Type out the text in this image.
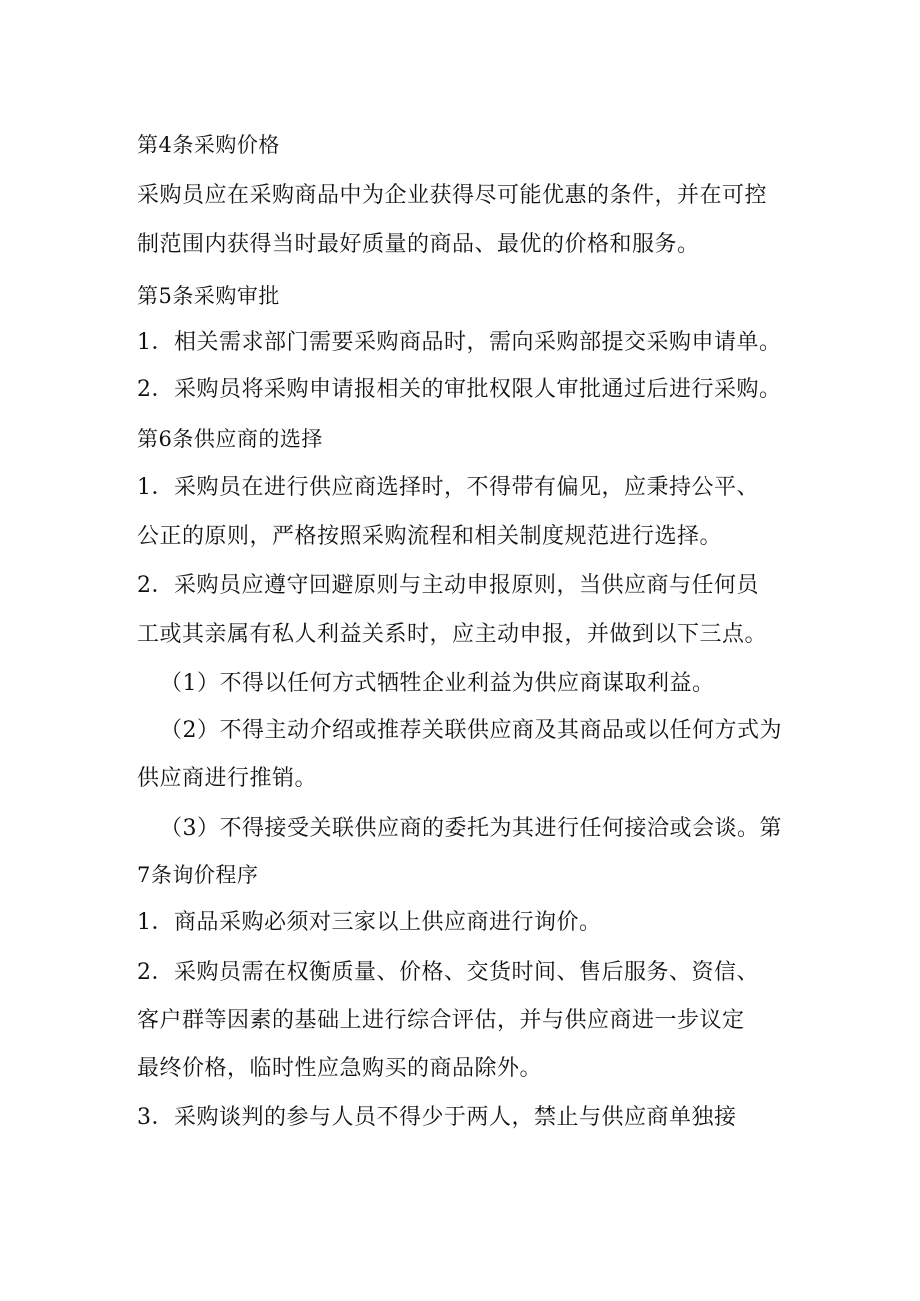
第4条采购价格
采购员应在采购商品中为企业获得尽可能优惠的条件，并在可控
制范围内获得当时最好质量的商品、最优的价格和服务。
第5条采购审批
1．相关需求部门需要采购商品时，需向采购部提交采购申请单。
2．采购员将采购申请报相关的审批权限人审批通过后进行采购。
第6条供应商的选择
1．采购员在进行供应商选择时，不得带有偏见，应秉持公平、
公正的原则，严格按照采购流程和相关制度规范进行选择。
2．采购员应遵守回避原则与主动申报原则，当供应商与任何员
工或其亲属有私人利益关系时，应主动申报，并做到以下三点。
（1）不得以任何方式牺牲企业利益为供应商谋取利益。
（2）不得主动介绍或推荐关联供应商及其商品或以任何方式为
供应商进行推销。
（3）不得接受关联供应商的委托为其进行任何接洽或会谈。第
7条询价程序
1．商品采购必须对三家以上供应商进行询价。
2．采购员需在权衡质量、价格、交货时间、售后服务、资信、
客户群等因素的基础上进行综合评估，并与供应商进一步议定
最终价格，临时性应急购买的商品除外。
3．采购谈判的参与人员不得少于两人，禁止与供应商单独接
